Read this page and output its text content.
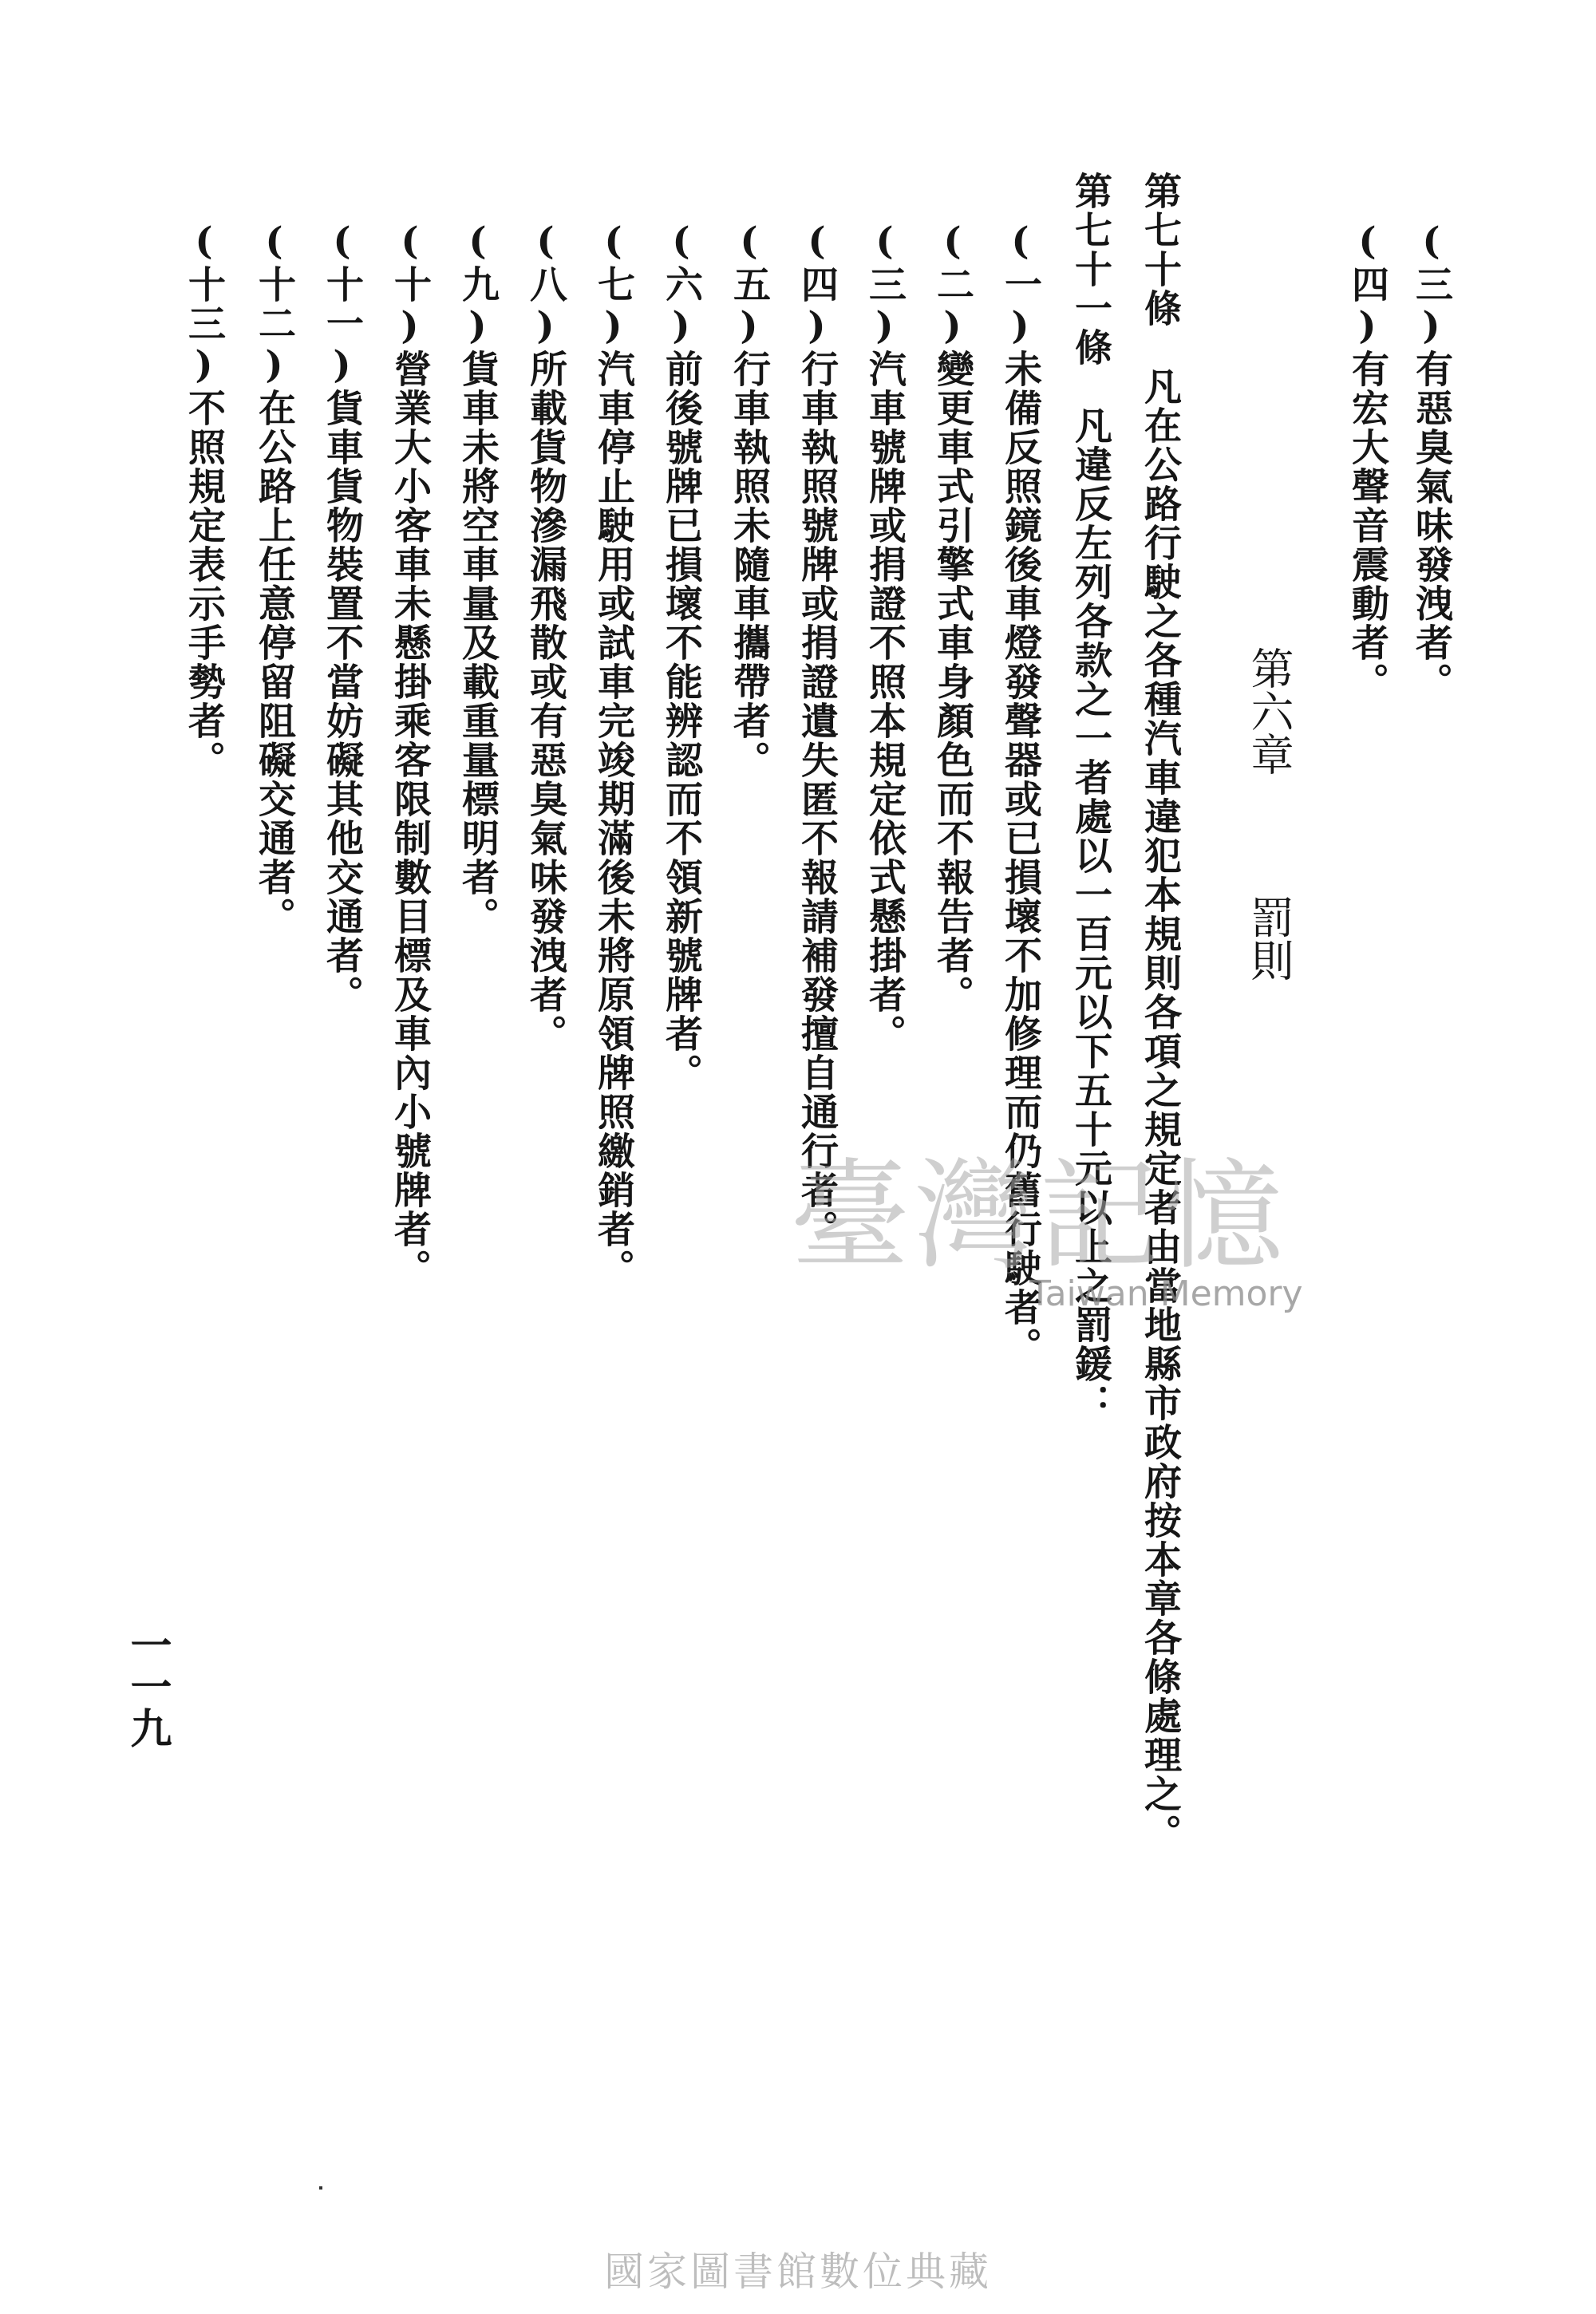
(三)有惡臭氣味發洩者。
(四)有宏大聲音震動者。
第六章罰則
第七十條　凡在公路行駛之各種汽車違犯本規則各項之規定者由當地縣市政府按本章各條處理之。
第七十一條　凡違反左列各款之一者處以一百元以下五十元以上之罰鍰：
(一)未備反照鏡後車燈發聲器或已損壞不加修理而仍舊行駛者。
(二)變更車式引擎式車身顏色而不報告者。
(三)汽車號牌或捐證不照本規定依式懸掛者。
(四)行車執照號牌或捐證遺失匿不報請補發擅自通行者。
(五)行車執照未隨車攜帶者。
(六)前後號牌已損壞不能辨認而不領新號牌者。
(七)汽車停止駛用或試車完竣期滿後未將原領牌照繳銷者。
(八)所載貨物滲漏飛散或有惡臭氣味發洩者。
(九)貨車未將空車量及載重量標明者。
(十)營業大小客車未懸掛乘客限制數目標及車內小號牌者。
(十一)貨車貨物裝置不當妨礙其他交通者。
(十二)在公路上任意停留阻礙交通者。
(十三)不照規定表示手勢者。
一一九
臺灣記憶
Taiwan Memory
國家圖書館數位典藏
